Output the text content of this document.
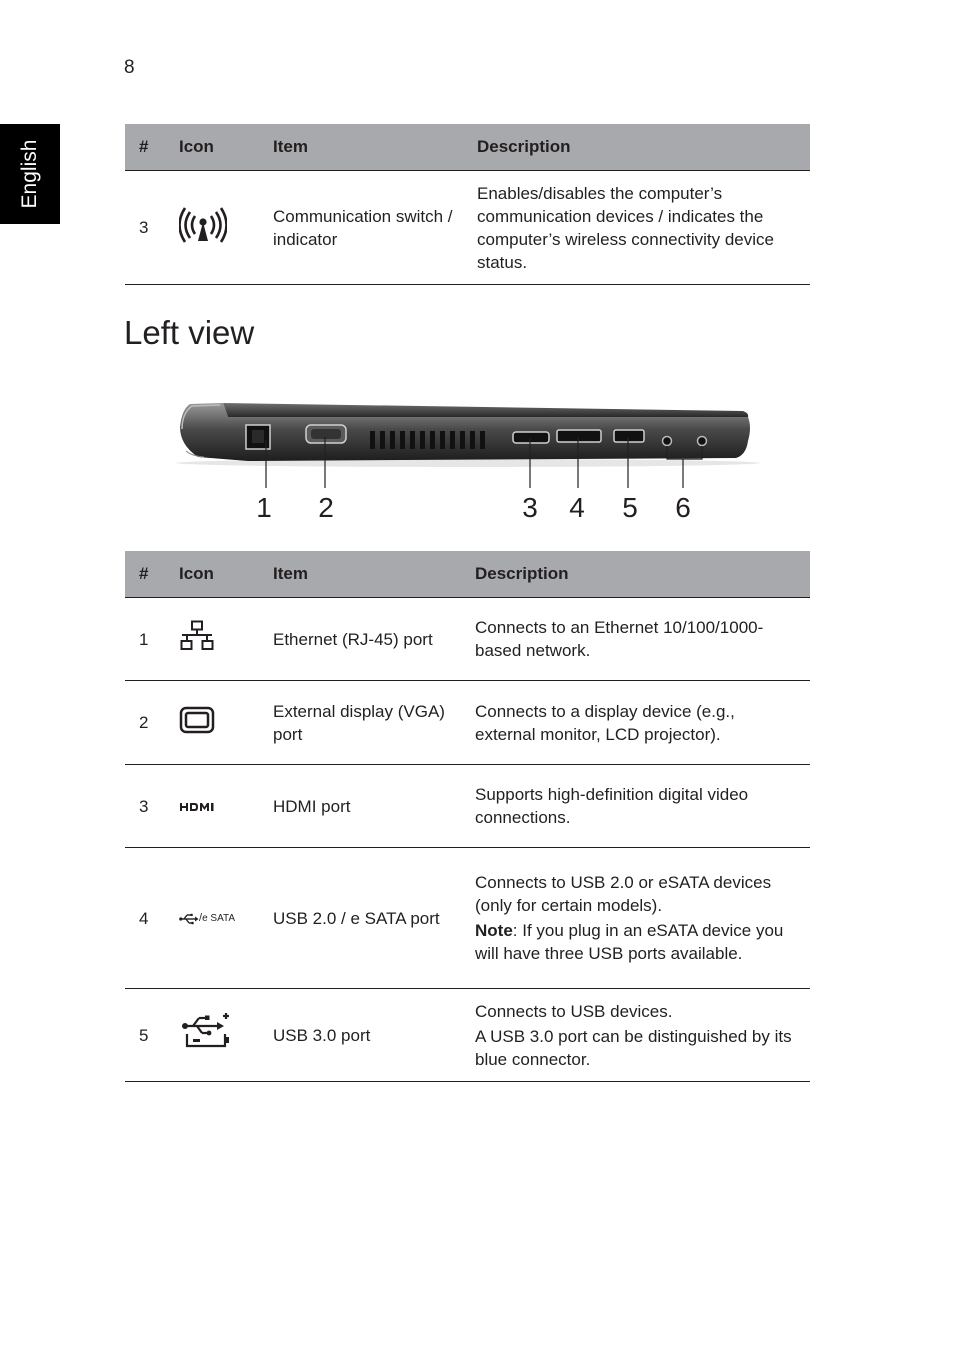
8
English	#	Icon	Item	Description
3		Communication switch / indicator	Enables/disables the computer’s communication devices / indicates the computer’s wireless connectivity device status.
Left view
1 2	3 4 5 6
#	Icon	Item	Description
1		Ethernet (RJ-45) port	Connects to an Ethernet 10/100/1000-based network.
2		External display (VGA) port	Connects to a display device (e.g., external monitor, LCD projector).
3		HDMI port	Supports high-definition digital video connections.
4	/e SATA	USB 2.0 / e SATA port	Connects to USB 2.0 or eSATA devices (only for certain models).

Note: If you plug in an eSATA device you will have three USB ports available.

5		USB 3.0 port	Connects to USB devices.

A USB 3.0 port can be distinguished by its blue connector.
